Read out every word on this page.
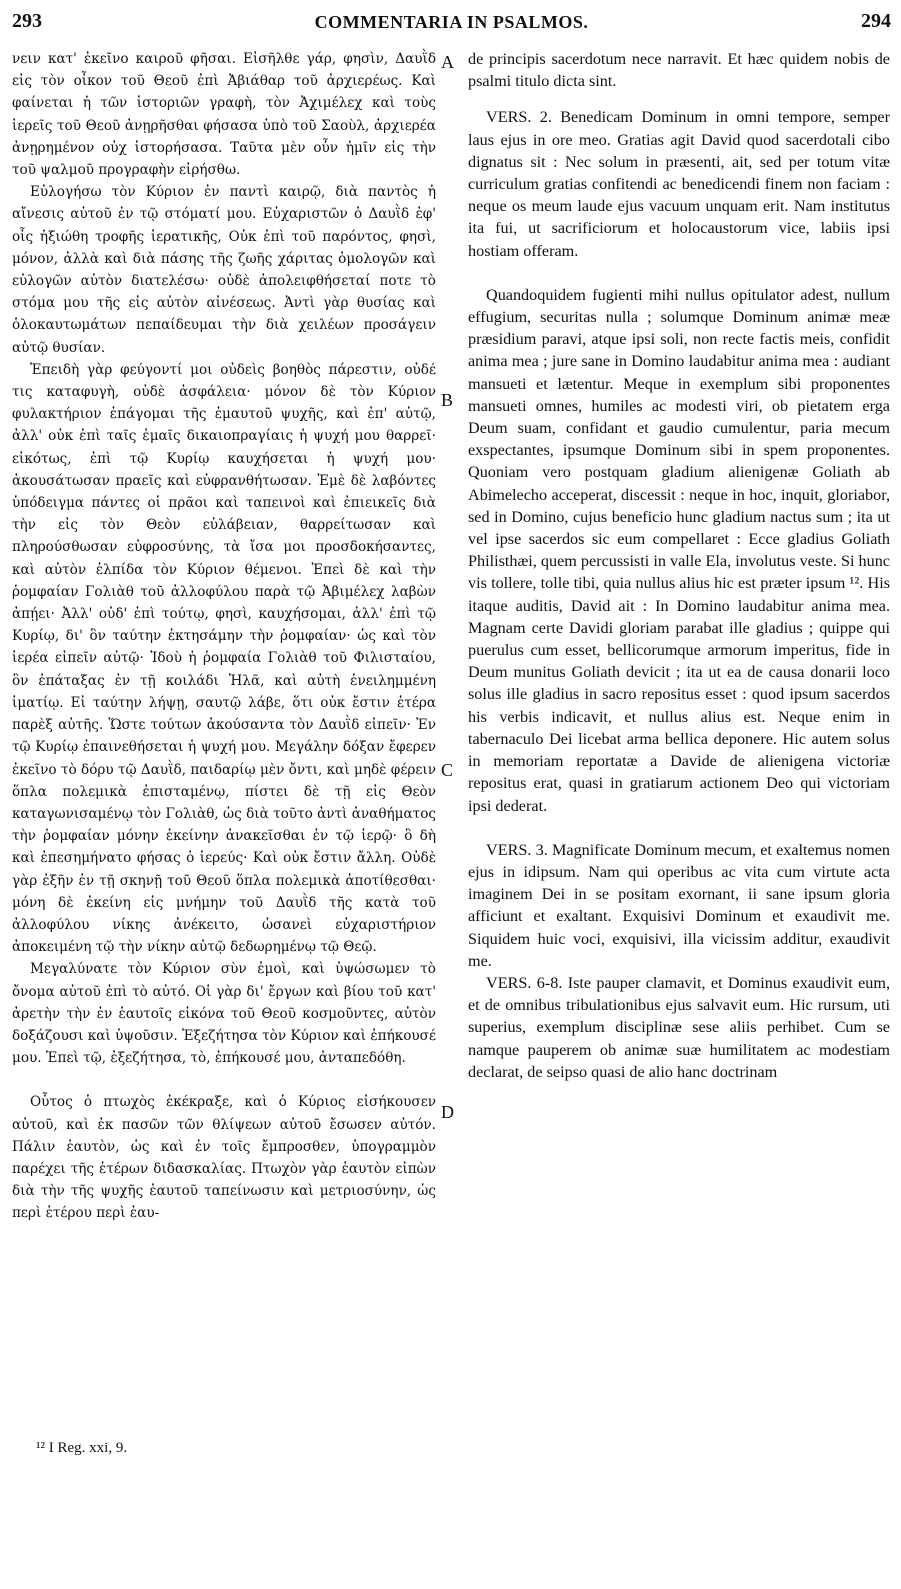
293	COMMENTARIA IN PSALMOS.	294

νειν κατ' ἐκεῖνο καιροῦ φῆσαι. Εἰσῆλθε γάρ, φησὶν, Δαυῒδ εἰς τὸν οἶκον τοῦ Θεοῦ ἐπὶ Ἀβιάθαρ τοῦ ἀρχιερέως. Καὶ φαίνεται ἡ τῶν ἱστοριῶν γραφὴ, τὸν Ἀχιμέλεχ καὶ τοὺς ἱερεῖς τοῦ Θεοῦ ἀνῃρῆσθαι φήσασα ὑπὸ τοῦ Σαοὺλ, ἀρχιερέα ἀνῃρημένον οὐχ ἱστορήσασα. Ταῦτα μὲν οὖν ἡμῖν εἰς τὴν τοῦ ψαλμοῦ προγραφὴν εἰρήσθω.

Εὐλογήσω τὸν Κύριον ἐν παντὶ καιρῷ, διὰ παντὸς ἡ αἴνεσις αὐτοῦ ἐν τῷ στόματί μου. Εὐχαριστῶν ὁ Δαυῒδ ἐφ' οἷς ἠξιώθη τροφῆς ἱερατικῆς, Οὐκ ἐπὶ τοῦ παρόντος, φησὶ, μόνον, ἀλλὰ καὶ διὰ πάσης τῆς ζωῆς χάριτας ὁμολογῶν καὶ εὐλογῶν αὐτὸν διατελέσω· οὐδὲ ἀπολειφθήσεταί ποτε τὸ στόμα μου τῆς εἰς αὐτὸν αἰνέσεως. Ἀντὶ γὰρ θυσίας καὶ ὁλοκαυτωμάτων πεπαίδευμαι τὴν διὰ χειλέων προσάγειν αὐτῷ θυσίαν.

Ἐπειδὴ γὰρ φεύγοντί μοι οὐδεὶς βοηθὸς πάρεστιν, οὐδέ τις καταφυγὴ, οὐδὲ ἀσφάλεια· μόνον δὲ τὸν Κύριον φυλακτήριον ἐπάγομαι τῆς ἐμαυτοῦ ψυχῆς, καὶ ἐπ' αὐτῷ, ἀλλ' οὐκ ἐπὶ ταῖς ἐμαῖς δικαιοπραγίαις ἡ ψυχή μου θαρρεῖ· εἰκότως, ἐπὶ τῷ Κυρίῳ καυχήσεται ἡ ψυχή μου· ἀκουσάτωσαν πραεῖς καὶ εὐφρανθήτωσαν. Ἐμὲ δὲ λαβόντες ὑπόδειγμα πάντες οἱ πρᾶοι καὶ ταπεινοὶ καὶ ἐπιεικεῖς διὰ τὴν εἰς τὸν Θεὸν εὐλάβειαν, θαρρείτωσαν καὶ πληρούσθωσαν εὐφροσύνης, τὰ ἴσα μοι προσδοκήσαντες, καὶ αὐτὸν ἐλπίδα τὸν Κύριον θέμενοι. Ἐπεὶ δὲ καὶ τὴν ῥομφαίαν Γολιὰθ τοῦ ἀλλοφύλου παρὰ τῷ Ἀβιμέλεχ λαβὼν ἀπῄει· Ἀλλ' οὐδ' ἐπὶ τούτῳ, φησὶ, καυχήσομαι, ἀλλ' ἐπὶ τῷ Κυρίῳ, δι' ὃν ταύτην ἐκτησάμην τὴν ῥομφαίαν· ὡς καὶ τὸν ἱερέα εἰπεῖν αὐτῷ· Ἰδοὺ ἡ ῥομφαία Γολιὰθ τοῦ Φιλισταίου, ὃν ἐπάταξας ἐν τῇ κοιλάδι Ἠλᾶ, καὶ αὐτὴ ἐνειλημμένη ἱματίῳ. Εἰ ταύτην λήψῃ, σαυτῷ λάβε, ὅτι οὐκ ἔστιν ἑτέρα παρὲξ αὐτῆς. Ὥστε τούτων ἀκούσαντα τὸν Δαυῒδ εἰπεῖν· Ἐν τῷ Κυρίῳ ἐπαινεθήσεται ἡ ψυχή μου. Μεγάλην δόξαν ἔφερεν ἐκεῖνο τὸ δόρυ τῷ Δαυῒδ, παιδαρίῳ μὲν ὄντι, καὶ μηδὲ φέρειν ὅπλα πολεμικὰ ἐπισταμένῳ, πίστει δὲ τῇ εἰς Θεὸν καταγωνισαμένῳ τὸν Γολιὰθ, ὡς διὰ τοῦτο ἀντὶ ἀναθήματος τὴν ῥομφαίαν μόνην ἐκείνην ἀνακεῖσθαι ἐν τῷ ἱερῷ· ὃ δὴ καὶ ἐπεσημήνατο φήσας ὁ ἱερεύς· Καὶ οὐκ ἔστιν ἄλλη. Οὐδὲ γὰρ ἐξῆν ἐν τῇ σκηνῇ τοῦ Θεοῦ ὅπλα πολεμικὰ ἀποτίθεσθαι· μόνη δὲ ἐκείνη εἰς μνήμην τοῦ Δαυῒδ τῆς κατὰ τοῦ ἀλλοφύλου νίκης ἀνέκειτο, ὡσανεὶ εὐχαριστήριον ἀποκειμένη τῷ τὴν νίκην αὐτῷ δεδωρημένῳ τῷ Θεῷ.

Μεγαλύνατε τὸν Κύριον σὺν ἐμοὶ, καὶ ὑψώσωμεν τὸ ὄνομα αὐτοῦ ἐπὶ τὸ αὐτό. Οἱ γὰρ δι' ἔργων καὶ βίου τοῦ κατ' ἀρετὴν τὴν ἐν ἑαυτοῖς εἰκόνα τοῦ Θεοῦ κοσμοῦντες, αὐτὸν δοξάζουσι καὶ ὑψοῦσιν. Ἐξεζήτησα τὸν Κύριον καὶ ἐπήκουσέ μου. Ἐπεὶ τῷ, ἐξεζήτησα, τὸ, ἐπήκουσέ μου, ἀνταπεδόθη.

Οὗτος ὁ πτωχὸς ἐκέκραξε, καὶ ὁ Κύριος εἰσήκουσεν αὐτοῦ, καὶ ἐκ πασῶν τῶν θλίψεων αὐτοῦ ἔσωσεν αὐτόν. Πάλιν ἑαυτὸν, ὡς καὶ ἐν τοῖς ἔμπροσθεν, ὑπογραμμὸν παρέχει τῆς ἑτέρων διδασκαλίας. Πτωχὸν γὰρ ἑαυτὸν εἰπὼν διὰ τὴν τῆς ψυχῆς ἑαυτοῦ ταπείνωσιν καὶ μετριοσύνην, ὡς περὶ ἑτέρου περὶ ἑαυ-

A
B
C
D

de principis sacerdotum nece narravit. Et hæc quidem nobis de psalmi titulo dicta sint.

VERS. 2. Benedicam Dominum in omni tempore, semper laus ejus in ore meo. Gratias agit David quod sacerdotali cibo dignatus sit : Nec solum in præsenti, ait, sed per totum vitæ curriculum gratias confitendi ac benedicendi finem non faciam : neque os meum laude ejus vacuum unquam erit. Nam institutus ita fui, ut sacrificiorum et holocaustorum vice, labiis ipsi hostiam offeram.

Quandoquidem fugienti mihi nullus opitulator adest, nullum effugium, securitas nulla ; solumque Dominum animæ meæ præsidium paravi, atque ipsi soli, non recte factis meis, confidit anima mea ; jure sane in Domino laudabitur anima mea : audiant mansueti et lætentur. Meque in exemplum sibi proponentes mansueti omnes, humiles ac modesti viri, ob pietatem erga Deum suam, confidant et gaudio cumulentur, paria mecum exspectantes, ipsumque Dominum sibi in spem proponentes. Quoniam vero postquam gladium alienigenæ Goliath ab Abimelecho acceperat, discessit : neque in hoc, inquit, gloriabor, sed in Domino, cujus beneficio hunc gladium nactus sum ; ita ut vel ipse sacerdos sic eum compellaret : Ecce gladius Goliath Philisthæi, quem percussisti in valle Ela, involutus veste. Si hunc vis tollere, tolle tibi, quia nullus alius hic est præter ipsum ¹². His itaque auditis, David ait : In Domino laudabitur anima mea. Magnam certe Davidi gloriam parabat ille gladius ; quippe qui puerulus cum esset, bellicorumque armorum imperitus, fide in Deum munitus Goliath devicit ; ita ut ea de causa donarii loco solus ille gladius in sacro repositus esset : quod ipsum sacerdos his verbis indicavit, et nullus alius est. Neque enim in tabernaculo Dei licebat arma bellica deponere. Hic autem solus in memoriam reportatæ a Davide de alienigena victoriæ repositus erat, quasi in gratiarum actionem Deo qui victoriam ipsi dederat.

VERS. 3. Magnificate Dominum mecum, et exaltemus nomen ejus in idipsum. Nam qui operibus ac vita cum virtute acta imaginem Dei in se positam exornant, ii sane ipsum gloria afficiunt et exaltant. Exquisivi Dominum et exaudivit me. Siquidem huic voci, exquisivi, illa vicissim additur, exaudivit me.

VERS. 6-8. Iste pauper clamavit, et Dominus exaudivit eum, et de omnibus tribulationibus ejus salvavit eum. Hic rursum, uti superius, exemplum disciplinæ sese aliis perhibet. Cum se namque pauperem ob animæ suæ humilitatem ac modestiam declarat, de seipso quasi de alio hanc doctrinam

¹² I Reg. xxi, 9.
